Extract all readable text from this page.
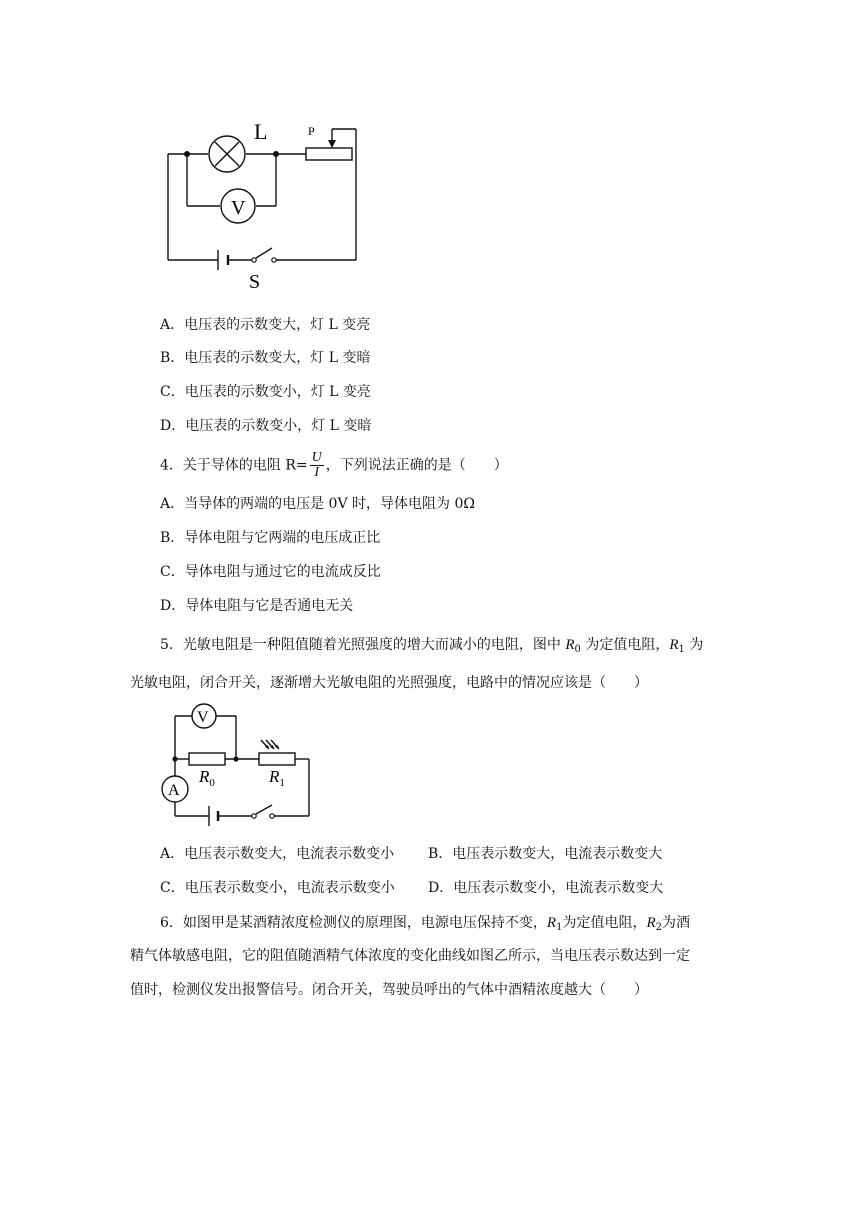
L	P
V
S
A．电压表的示数变大，灯 L 变亮
B．电压表的示数变大，灯 L 变暗
C．电压表的示数变小，灯 L 变亮
D．电压表的示数变小，灯 L 变暗
4．关于导体的电阻 $R= \frac{U}{I}$ ，下列说法正确的是（　　）
A．当导体的两端的电压是 0V 时，导体电阻为 0Ω
B．导体电阻与它两端的电压成正比
C．导体电阻与通过它的电流成反比
D．导体电阻与它是否通电无关
5．光敏电阻是一种阻值随着光照强度的增大而减小的电阻，图中 $R_0$ 为定值电阻，$R_1$ 为
光敏电阻，闭合开关，逐渐增大光敏电阻的光照强度，电路中的情况应该是（　　）
V
A
$R_0$	$R_1$
A．电压表示数变大，电流表示数变小 B．电压表示数变大，电流表示数变大
C．电压表示数变小，电流表示数变小 D．电压表示数变小，电流表示数变大
6．如图甲是某酒精浓度检测仪的原理图，电源电压保持不变，$R_1$为定值电阻，$R_2$为酒
精气体敏感电阻，它的阻值随酒精气体浓度的变化曲线如图乙所示，当电压表示数达到一定
值时，检测仪发出报警信号。闭合开关，驾驶员呼出的气体中酒精浓度越大（　　）
